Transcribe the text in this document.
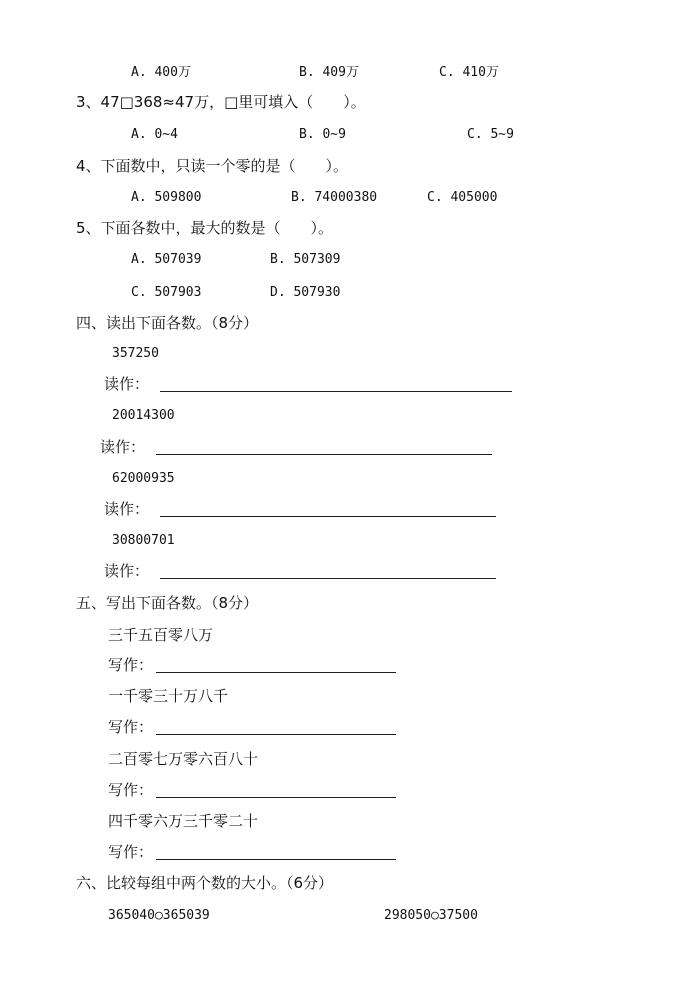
A. 400万	B. 409万	C. 410万
3、47□368≈47万，□里可填入（　　）。
A. 0~4	B. 0~9	C. 5~9
4、下面数中，只读一个零的是（　　）。
A. 509800	B. 74000380	C. 405000
5、下面各数中，最大的数是（　　）。
A. 507039	B. 507309
C. 507903	D. 507930
四、读出下面各数。（8分）
357250
读作：
20014300
读作：
62000935
读作：
30800701
读作：
五、写出下面各数。（8分）
三千五百零八万
写作：
一千零三十万八千
写作：
二百零七万零六百八十
写作：
四千零六万三千零二十
写作：
六、比较每组中两个数的大小。（6分）
365040○365039	298050○37500
